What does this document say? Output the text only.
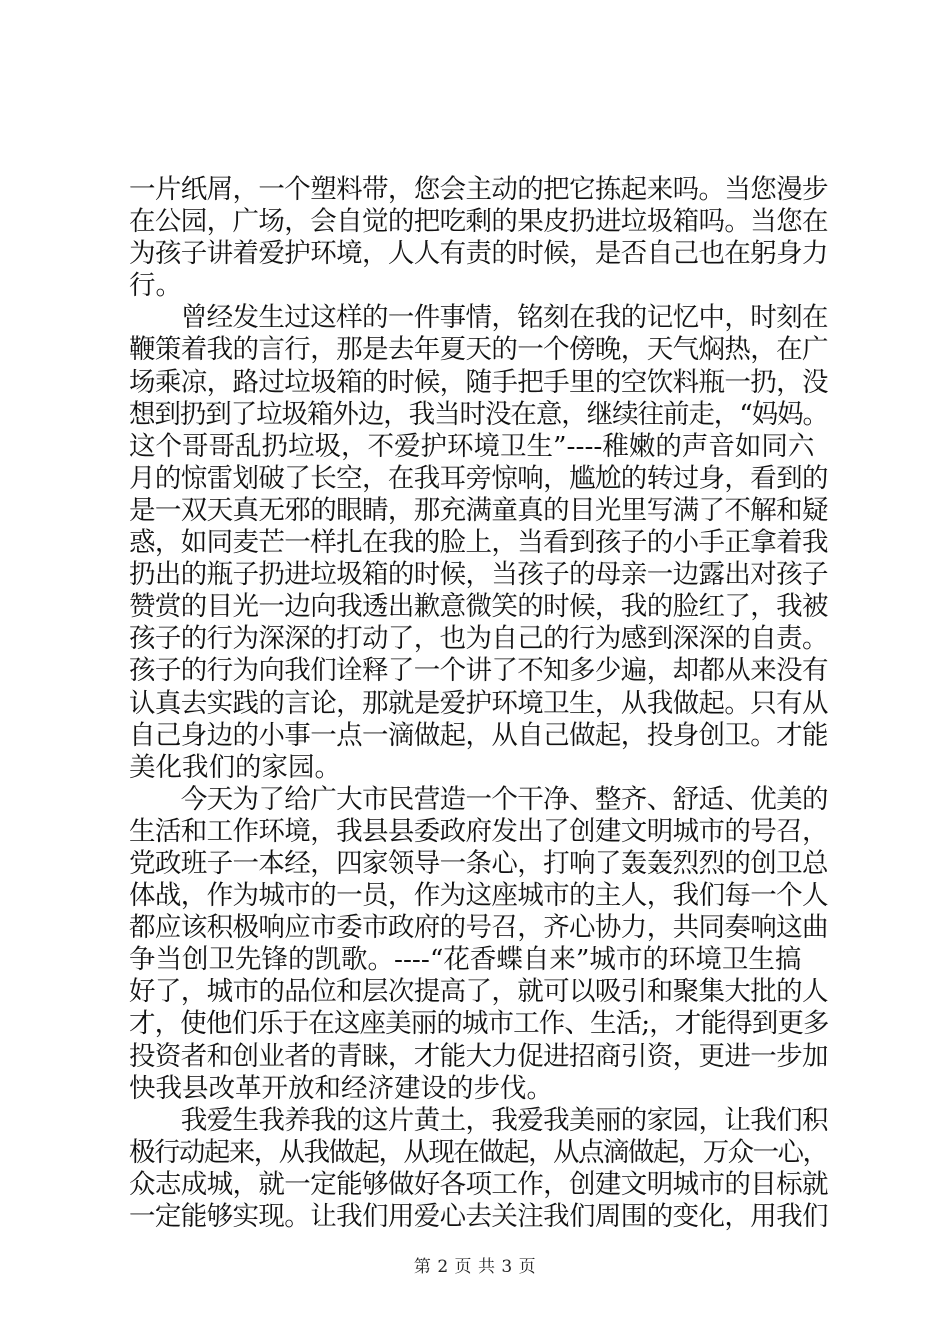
一片纸屑，一个塑料带，您会主动的把它拣起来吗。当您漫步
在公园，广场，会自觉的把吃剩的果皮扔进垃圾箱吗。当您在
为孩子讲着爱护环境，人人有责的时候，是否自己也在躬身力
行。
　　曾经发生过这样的一件事情，铭刻在我的记忆中，时刻在
鞭策着我的言行，那是去年夏天的一个傍晚，天气焖热，在广
场乘凉，路过垃圾箱的时候，随手把手里的空饮料瓶一扔，没
想到扔到了垃圾箱外边，我当时没在意，继续往前走，“妈妈。
这个哥哥乱扔垃圾，不爱护环境卫生”----稚嫩的声音如同六
月的惊雷划破了长空，在我耳旁惊响，尴尬的转过身，看到的
是一双天真无邪的眼睛，那充满童真的目光里写满了不解和疑
惑，如同麦芒一样扎在我的脸上，当看到孩子的小手正拿着我
扔出的瓶子扔进垃圾箱的时候，当孩子的母亲一边露出对孩子
赞赏的目光一边向我透出歉意微笑的时候，我的脸红了，我被
孩子的行为深深的打动了，也为自己的行为感到深深的自责。
孩子的行为向我们诠释了一个讲了不知多少遍，却都从来没有
认真去实践的言论，那就是爱护环境卫生，从我做起。只有从
自己身边的小事一点一滴做起，从自己做起，投身创卫。才能
美化我们的家园。
　　今天为了给广大市民营造一个干净、整齐、舒适、优美的
生活和工作环境，我县县委政府发出了创建文明城市的号召，
党政班子一本经，四家领导一条心，打响了轰轰烈烈的创卫总
体战，作为城市的一员，作为这座城市的主人，我们每一个人
都应该积极响应市委市政府的号召，齐心协力，共同奏响这曲
争当创卫先锋的凯歌。----“花香蝶自来”城市的环境卫生搞
好了，城市的品位和层次提高了，就可以吸引和聚集大批的人
才，使他们乐于在这座美丽的城市工作、生活;，才能得到更多
投资者和创业者的青睐，才能大力促进招商引资，更进一步加
快我县改革开放和经济建设的步伐。
　　我爱生我养我的这片黄土，我爱我美丽的家园，让我们积
极行动起来，从我做起，从现在做起，从点滴做起，万众一心，
众志成城，就一定能够做好各项工作，创建文明城市的目标就
一定能够实现。让我们用爱心去关注我们周围的变化，用我们
第 2 页 共 3 页
